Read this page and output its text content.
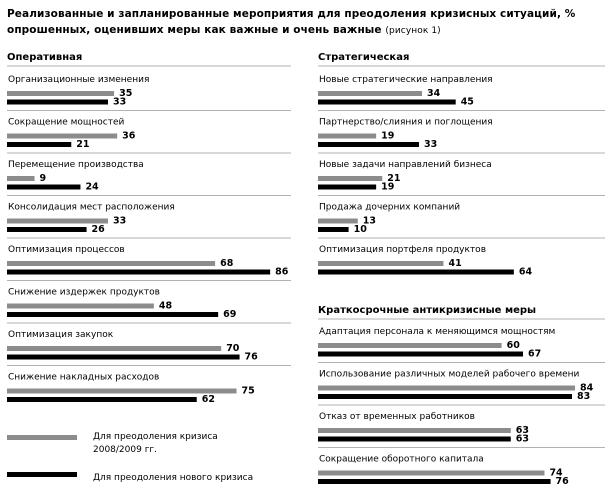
Реализованные и запланированные мероприятия для преодоления кризисных ситуаций, % опрошенных, оценивших меры как важные и очень важные (рисунок 1)
Оперативная
Организационные изменения
35
33
Сокращение мощностей
36
21
Перемещение производства
9
24
Консолидация мест расположения
33
26
Оптимизация процессов
68
86
Снижение издержек продуктов
48
69
Оптимизация закупок
70
76
Снижение накладных расходов
75
62
Стратегическая
Новые стратегические направления
34
45
Партнерство/слияния и поглощения
19
33
Новые задачи направлений бизнеса
21
19
Продажа дочерних компаний
13
10
Оптимизация портфеля продуктов
41
64
Краткосрочные антикризисные меры
Адаптация персонала к меняющимся мощностям
60
67
Использование различных моделей рабочего времени
84
83
Отказ от временных работников
63
63
Сокращение оборотного капитала
74
76
Для преодоления кризиса
2008/2009 гг.
Для преодоления нового кризиса
